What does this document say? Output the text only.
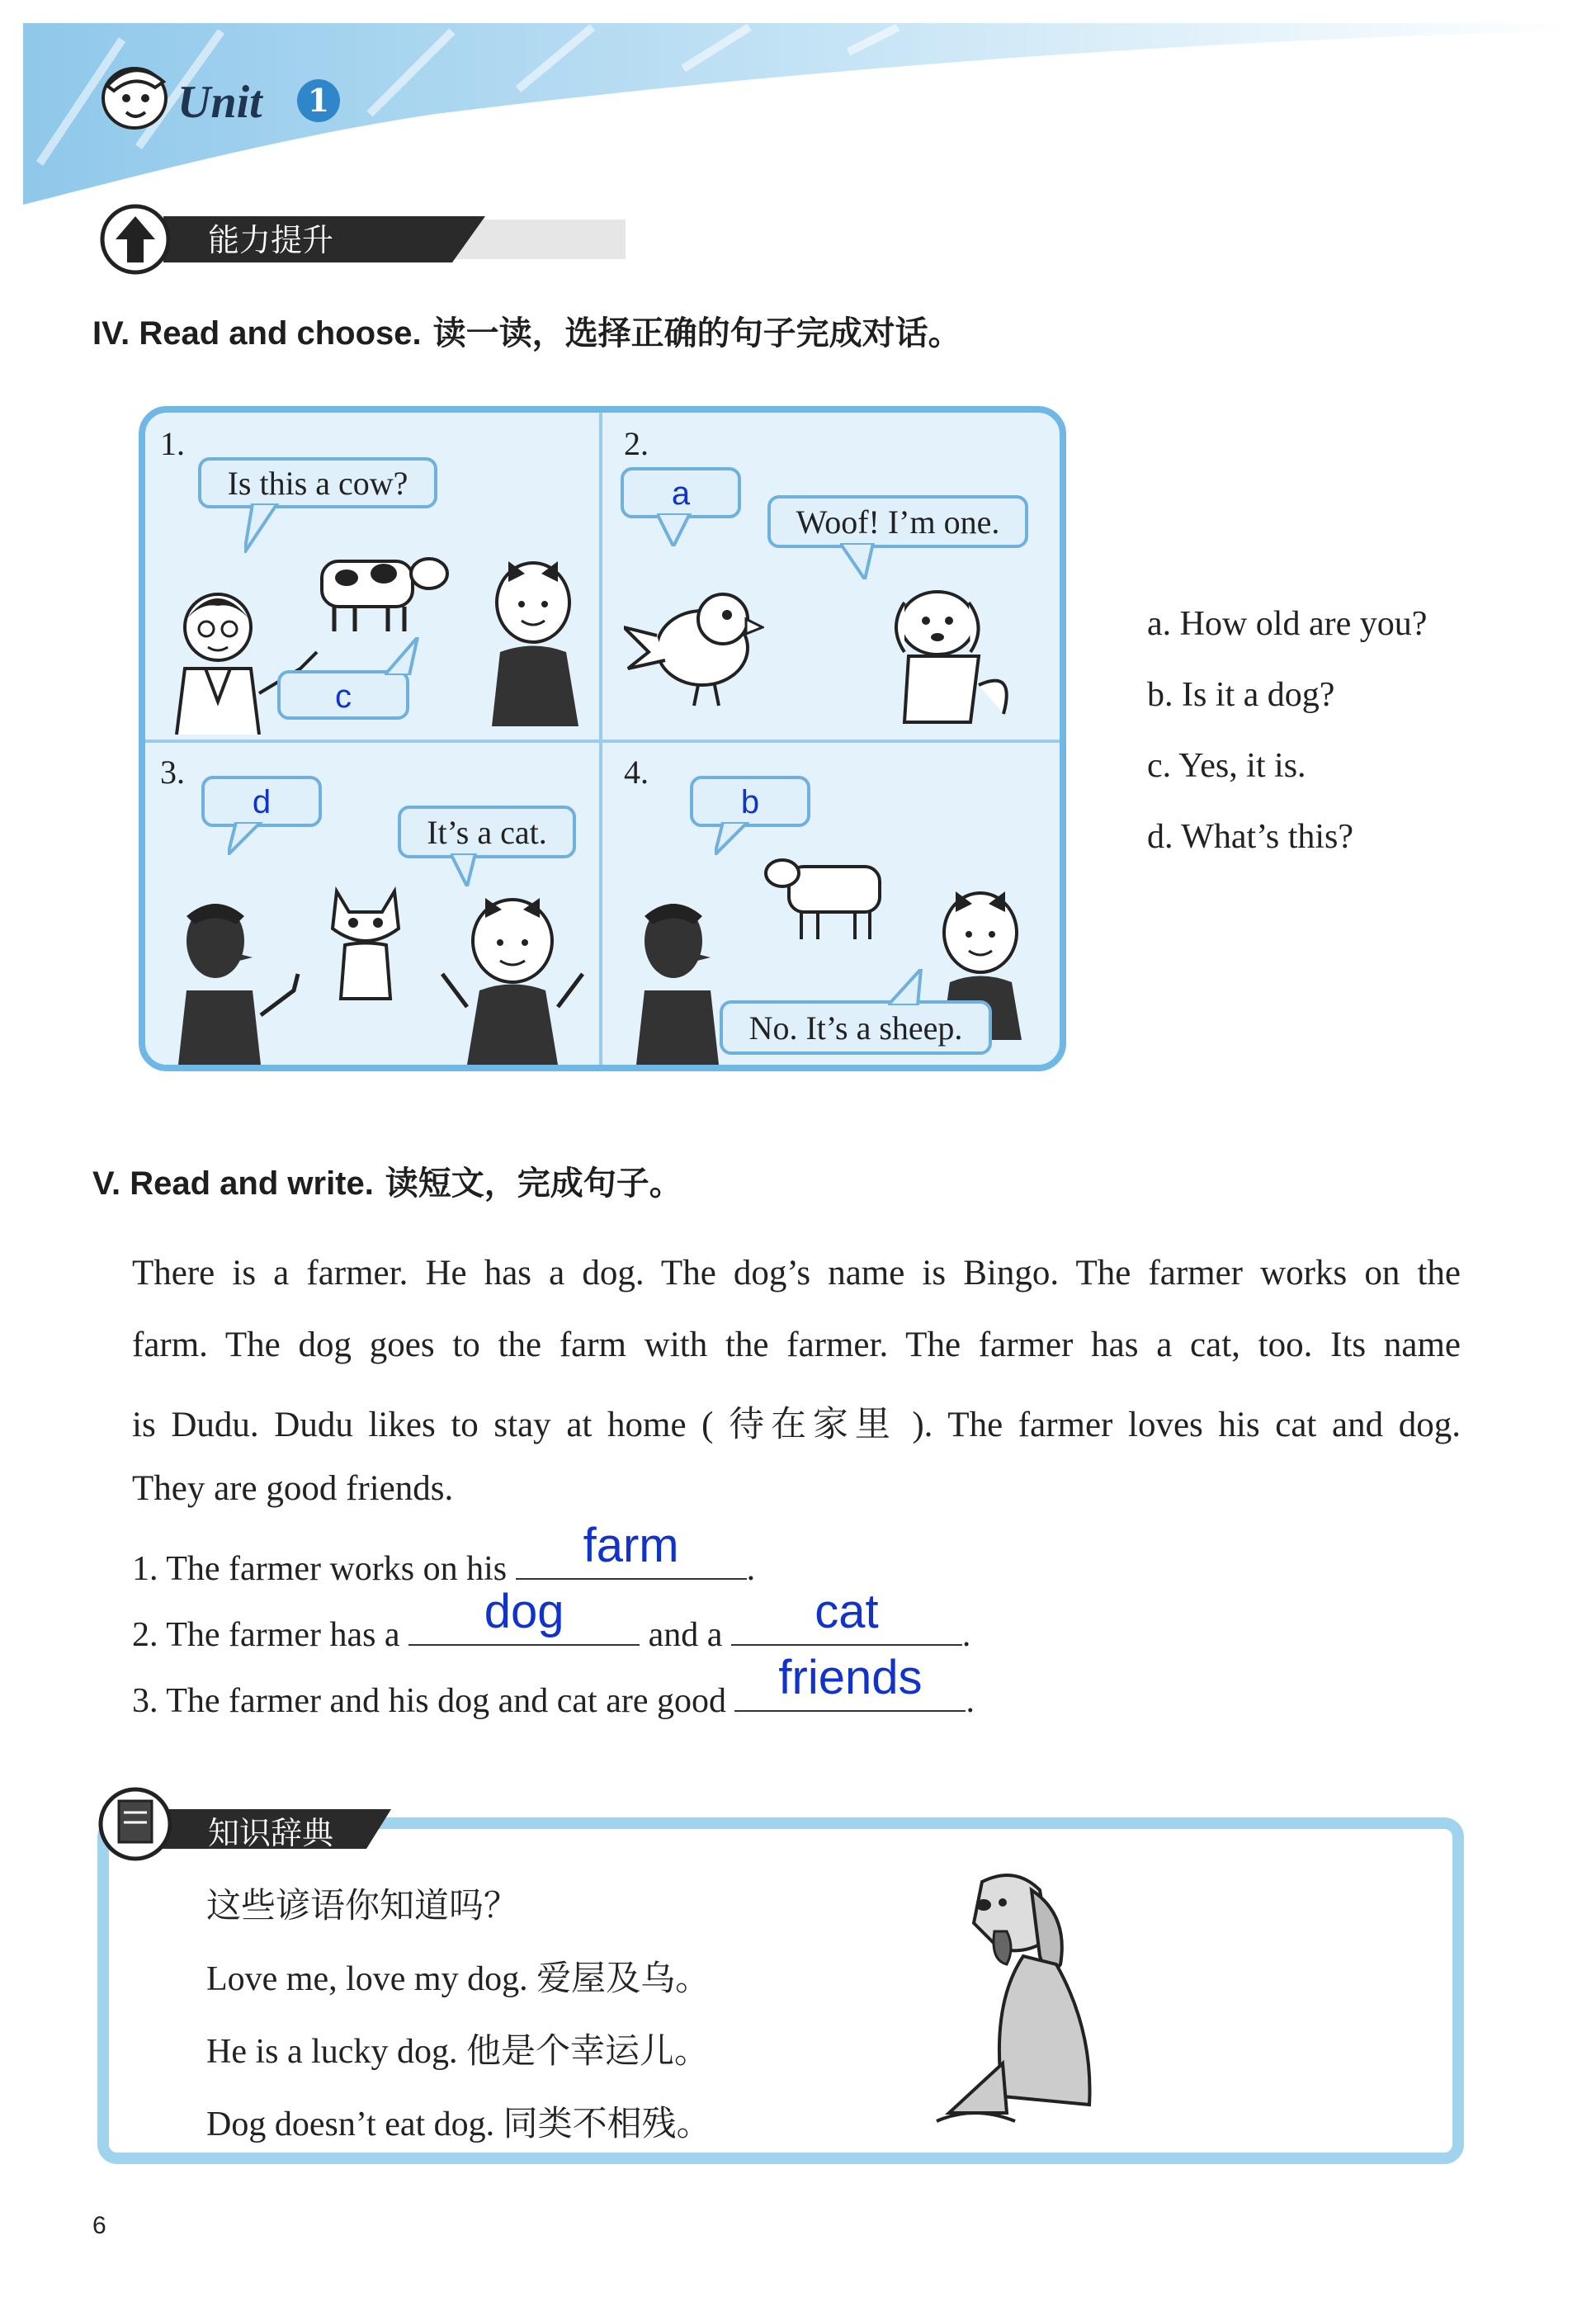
Unit	1
能力提升
IV. Read and choose. 读一读，选择正确的句子完成对话。
1.
Is this a cow?
c
2.
a
Woof! I’m one.
3.
d
It’s a cat.
4.
b
No. It’s a sheep.
a. How old are you?
b. Is it a dog?
c. Yes, it is.
d. What’s this?
V. Read and write. 读短文，完成句子。
There is a farmer. He has a dog. The dog’s name is Bingo. The farmer works on the
farm. The dog goes to the farm with the farmer. The farmer has a cat, too. Its name
is Dudu. Dudu likes to stay at home ( 待在家里 ). The farmer loves his cat and dog.
They are good friends.
1. The farmer works on his	farm	.
2. The farmer has a	dog	and a	cat	.
3. The farmer and his dog and cat are good	friends	.
知识辞典
这些谚语你知道吗？
Love me, love my dog. 爱屋及乌。
He is a lucky dog. 他是个幸运儿。
Dog doesn’t eat dog. 同类不相残。
6
